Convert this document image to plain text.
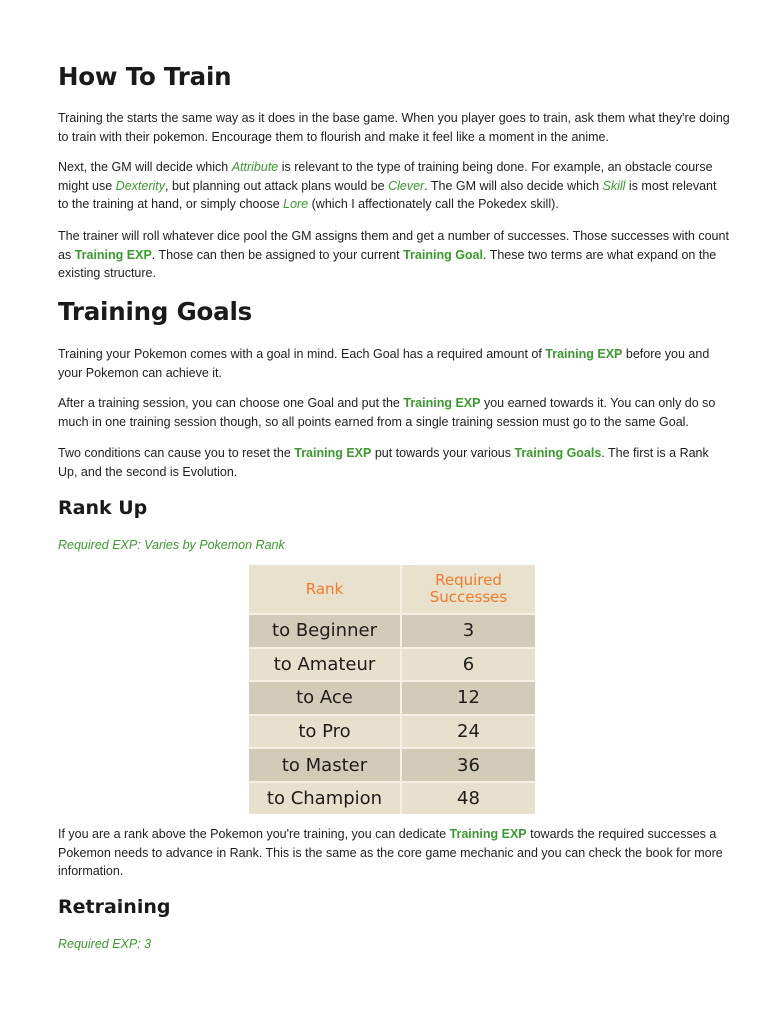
How To Train

Training the starts the same way as it does in the base game. When you player goes to train, ask them what they're doing to train with their pokemon. Encourage them to flourish and make it feel like a moment in the anime.

Next, the GM will decide which Attribute is relevant to the type of training being done. For example, an obstacle course might use Dexterity, but planning out attack plans would be Clever. The GM will also decide which Skill is most relevant to the training at hand, or simply choose Lore (which I affectionately call the Pokedex skill).

The trainer will roll whatever dice pool the GM assigns them and get a number of successes. Those successes with count as Training EXP. Those can then be assigned to your current Training Goal. These two terms are what expand on the existing structure.

Training Goals

Training your Pokemon comes with a goal in mind. Each Goal has a required amount of Training EXP before you and your Pokemon can achieve it.

After a training session, you can choose one Goal and put the Training EXP you earned towards it. You can only do so much in one training session though, so all points earned from a single training session must go to the same Goal.

Two conditions can cause you to reset the Training EXP put towards your various Training Goals. The first is a Rank Up, and the second is Evolution.

Rank Up

Required EXP: Varies by Pokemon Rank

Rank	Required
Successes
to Beginner	3
to Amateur	6
to Ace	12
to Pro	24
to Master	36
to Champion	48

If you are a rank above the Pokemon you're training, you can dedicate Training EXP towards the required successes a Pokemon needs to advance in Rank. This is the same as the core game mechanic and you can check the book for more information.

Retraining

Required EXP: 3
